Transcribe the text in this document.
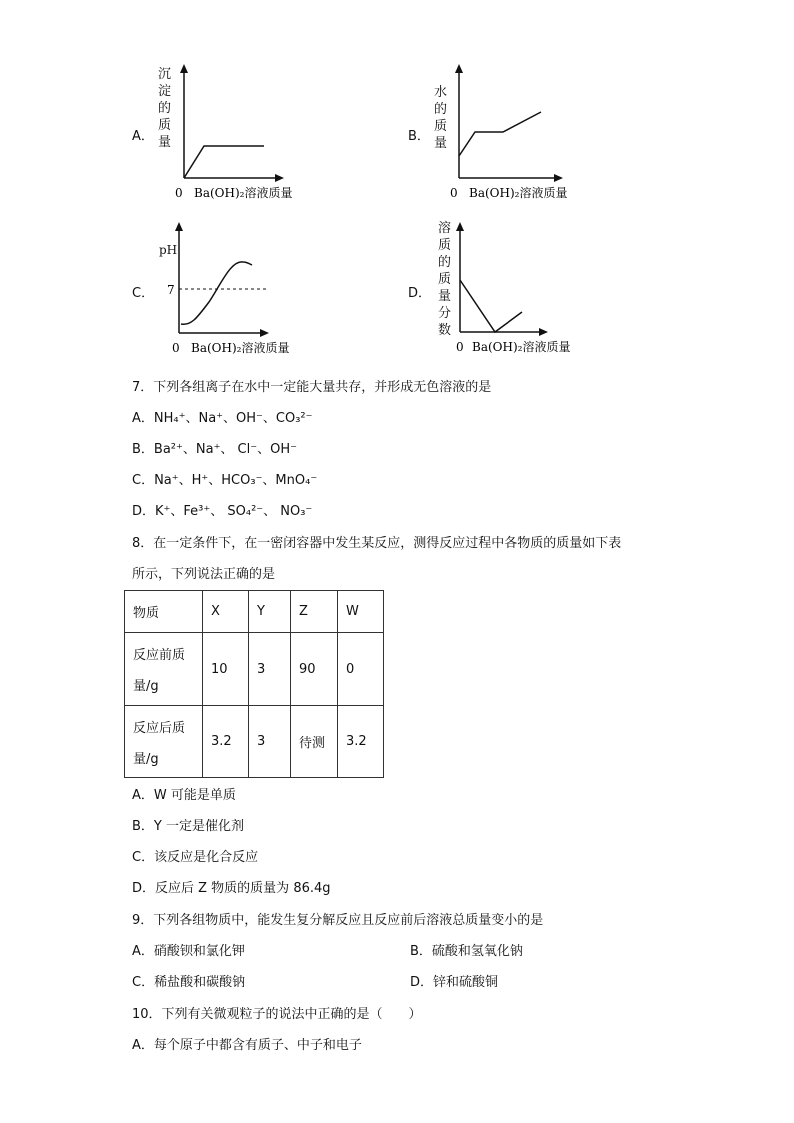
A．
沉
淀
的
质
量
0 Ba(OH)₂溶液质量
B．
水
的
质
量
0 Ba(OH)₂溶液质量
C．
pH
7
0 Ba(OH)₂溶液质量
D．
溶
质
的
质
量
分
数
0 Ba(OH)₂溶液质量
7．下列各组离子在水中一定能大量共存，并形成无色溶液的是
A．NH₄⁺、Na⁺、OH⁻、CO₃²⁻
B．Ba²⁺、Na⁺、 Cl⁻、OH⁻
C．Na⁺、H⁺、HCO₃⁻、MnO₄⁻
D．K⁺、Fe³⁺、 SO₄²⁻、 NO₃⁻
8．在一定条件下，在一密闭容器中发生某反应，测得反应过程中各物质的质量如下表
所示，下列说法正确的是
物质	X	Y	Z	W

反应前质
量/g	10	3	90	0

反应后质
量/g	3.2	3	待测	3.2
A．W 可能是单质
B．Y 一定是催化剂
C．该反应是化合反应
D．反应后 Z 物质的质量为 86.4g
9．下列各组物质中，能发生复分解反应且反应前后溶液总质量变小的是
A．硝酸钡和氯化钾	B．硫酸和氢氧化钠
C．稀盐酸和碳酸钠	D．锌和硫酸铜
10．下列有关微观粒子的说法中正确的是（　　）
A．每个原子中都含有质子、中子和电子
